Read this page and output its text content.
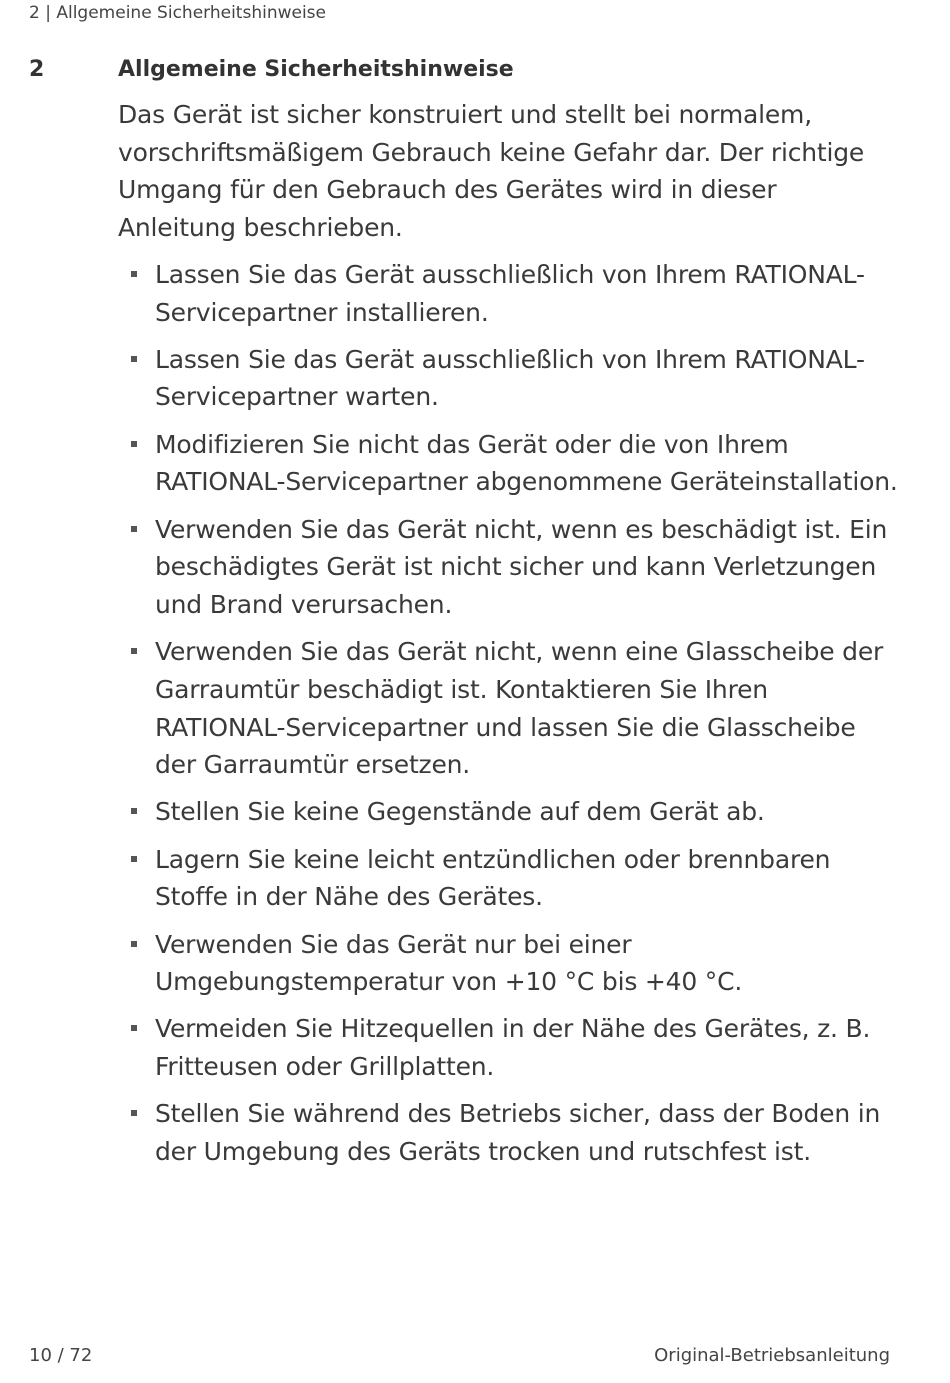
2 | Allgemeine Sicherheitshinweise
2	Allgemeine Sicherheitshinweise

Das Gerät ist sicher konstruiert und stellt bei normalem, vorschriftsmäßigem Gebrauch keine Gefahr dar. Der richtige Umgang für den Gebrauch des Gerätes wird in dieser Anleitung beschrieben.

Lassen Sie das Gerät ausschließlich von Ihrem RATIONAL-Servicepartner installieren.
Lassen Sie das Gerät ausschließlich von Ihrem RATIONAL-Servicepartner warten.
Modifizieren Sie nicht das Gerät oder die von Ihrem RATIONAL-Servicepartner abgenommene Geräteinstallation.
Verwenden Sie das Gerät nicht, wenn es beschädigt ist. Ein beschädigtes Gerät ist nicht sicher und kann Verletzungen und Brand verursachen.
Verwenden Sie das Gerät nicht, wenn eine Glasscheibe der Garraumtür beschädigt ist. Kontaktieren Sie Ihren RATIONAL-Servicepartner und lassen Sie die Glasscheibe der Garraumtür ersetzen.
Stellen Sie keine Gegenstände auf dem Gerät ab.
Lagern Sie keine leicht entzündlichen oder brennbaren Stoffe in der Nähe des Gerätes.
Verwenden Sie das Gerät nur bei einer Umgebungstemperatur von +10 °C bis +40 °C.
Vermeiden Sie Hitzequellen in der Nähe des Gerätes, z. B. Fritteusen oder Grillplatten.
Stellen Sie während des Betriebs sicher, dass der Boden in der Umgebung des Geräts trocken und rutschfest ist.
10 / 72	Original-Betriebsanleitung
